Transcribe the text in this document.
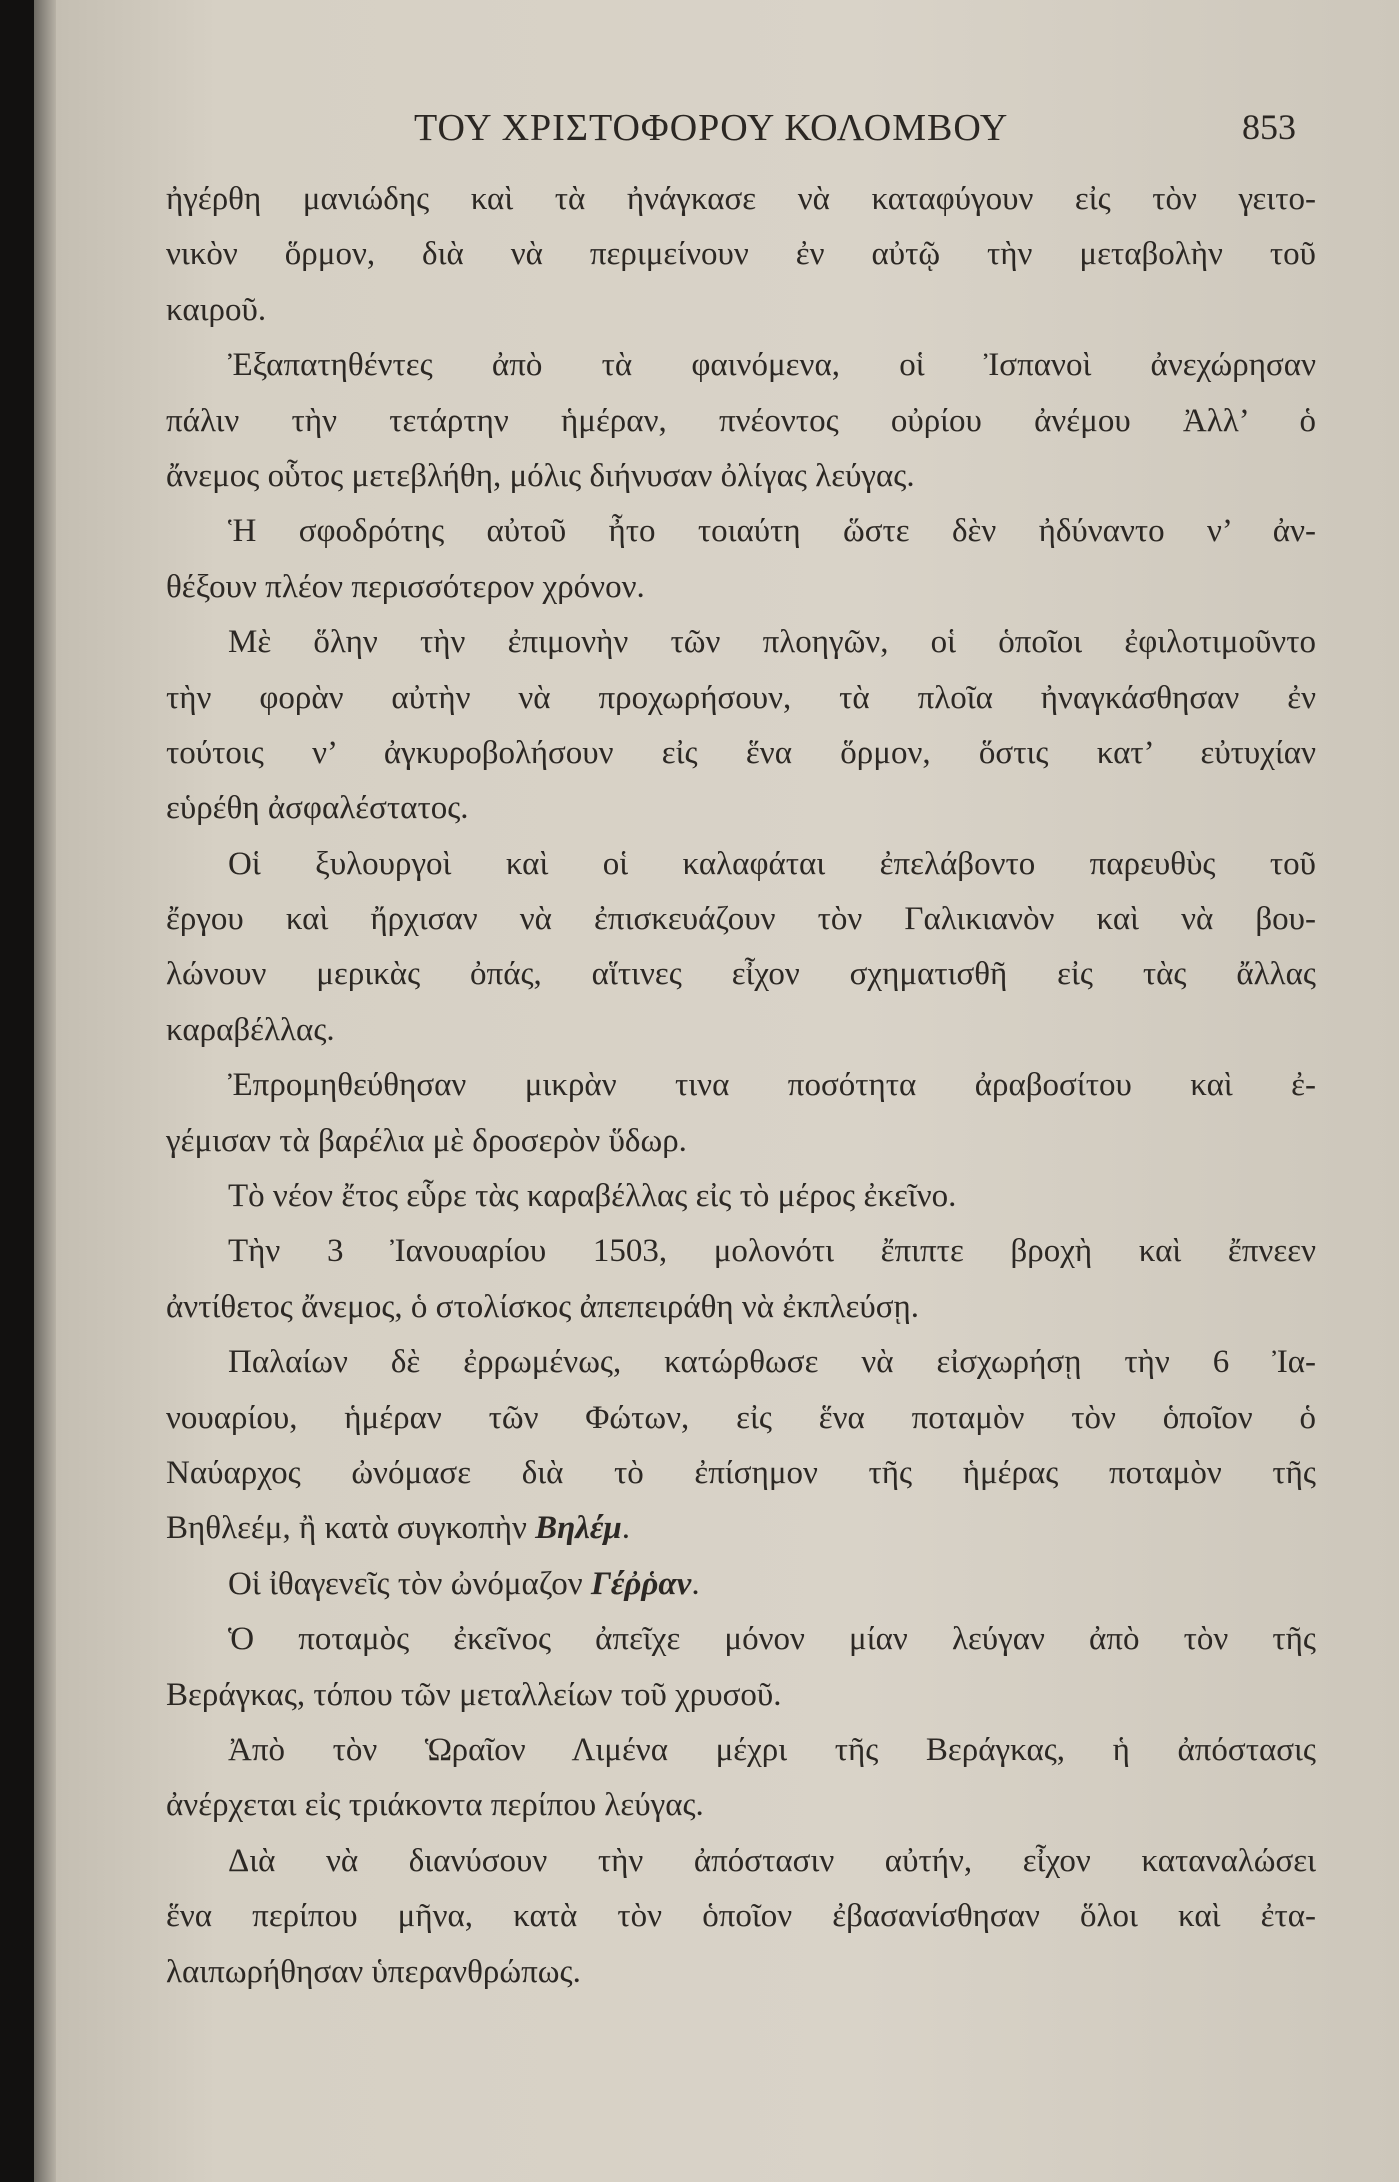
ΤΟΥ ΧΡΙΣΤΟΦΟΡΟΥ ΚΟΛΟΜΒΟΥ	853
ἠγέρθη μανιώδης καὶ τὰ ἠνάγκασε νὰ καταφύγουν εἰς τὸν γειτο-
νικὸν ὅρμον, διὰ νὰ περιμείνουν ἐν αὐτῷ τὴν μεταβολὴν τοῦ
καιροῦ.
Ἐξαπατηθέντες ἀπὸ τὰ φαινόμενα, οἱ Ἰσπανοὶ ἀνεχώρησαν
πάλιν τὴν τετάρτην ἡμέραν, πνέοντος οὐρίου ἀνέμου Ἀλλ’ ὁ
ἄνεμος οὗτος μετεβλήθη, μόλις διήνυσαν ὀλίγας λεύγας.
Ἡ σφοδρότης αὐτοῦ ἦτο τοιαύτη ὥστε δὲν ἠδύναντο ν’ ἀν-
θέξουν πλέον περισσότερον χρόνον.
Μὲ ὅλην τὴν ἐπιμονὴν τῶν πλοηγῶν, οἱ ὁποῖοι ἐφιλοτιμοῦντο
τὴν φορὰν αὐτὴν νὰ προχωρήσουν, τὰ πλοῖα ἠναγκάσθησαν ἐν
τούτοις ν’ ἀγκυροβολήσουν εἰς ἕνα ὅρμον, ὅστις κατ’ εὐτυχίαν
εὑρέθη ἀσφαλέστατος.
Οἱ ξυλουργοὶ καὶ οἱ καλαφάται ἐπελάβοντο παρευθὺς τοῦ
ἔργου καὶ ἤρχισαν νὰ ἐπισκευάζουν τὸν Γαλικιανὸν καὶ νὰ βου-
λώνουν μερικὰς ὀπάς, αἵτινες εἶχον σχηματισθῆ εἰς τὰς ἄλλας
καραβέλλας.
Ἐπρομηθεύθησαν μικρὰν τινα ποσότητα ἀραβοσίτου καὶ ἐ-
γέμισαν τὰ βαρέλια μὲ δροσερὸν ὕδωρ.
Τὸ νέον ἔτος εὗρε τὰς καραβέλλας εἰς τὸ μέρος ἐκεῖνο.
Τὴν 3 Ἰανουαρίου 1503, μολονότι ἔπιπτε βροχὴ καὶ ἔπνεεν
ἀντίθετος ἄνεμος, ὁ στολίσκος ἀπεπειράθη νὰ ἐκπλεύσῃ.
Παλαίων δὲ ἐρρωμένως, κατώρθωσε νὰ εἰσχωρήσῃ τὴν 6 Ἰα-
νουαρίου, ἡμέραν τῶν Φώτων, εἰς ἕνα ποταμὸν τὸν ὁποῖον ὁ
Ναύαρχος ὠνόμασε διὰ τὸ ἐπίσημον τῆς ἡμέρας ποταμὸν τῆς
Βηθλεέμ, ἢ κατὰ συγκοπὴν Βηλέμ.
Οἱ ἰθαγενεῖς τὸν ὠνόμαζον Γέῤῥαν.
Ὁ ποταμὸς ἐκεῖνος ἀπεῖχε μόνον μίαν λεύγαν ἀπὸ τὸν τῆς
Βεράγκας, τόπου τῶν μεταλλείων τοῦ χρυσοῦ.
Ἀπὸ τὸν Ὡραῖον Λιμένα μέχρι τῆς Βεράγκας, ἡ ἀπόστασις
ἀνέρχεται εἰς τριάκοντα περίπου λεύγας.
Διὰ νὰ διανύσουν τὴν ἀπόστασιν αὐτήν, εἶχον καταναλώσει
ἕνα περίπου μῆνα, κατὰ τὸν ὁποῖον ἐβασανίσθησαν ὅλοι καὶ ἐτα-
λαιπωρήθησαν ὑπερανθρώπως.
